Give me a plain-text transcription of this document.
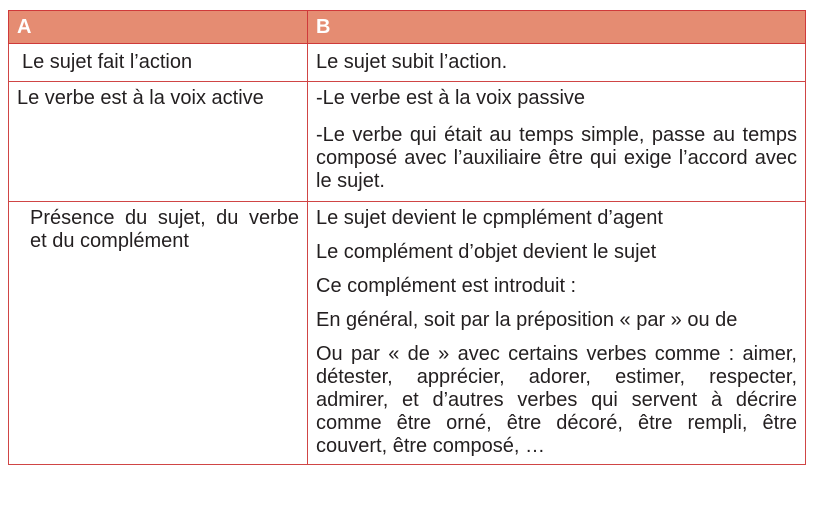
A	B

Le sujet fait l’action	Le sujet subit l’action.

Le verbe est à la voix active	-Le verbe est à la voix passive

-Le verbe qui était au temps simple, passe au temps composé avec l’auxiliaire être qui exige l’accord avec le sujet.

Présence du sujet, du verbe et du complément	Le sujet devient le cpmplément d’agent

Le complément d’objet devient le sujet

Ce complément est introduit :

En général, soit par la préposition « par » ou de

Ou par « de » avec certains verbes comme : aimer, détester, apprécier, adorer, estimer, respecter, admirer, et d’autres verbes qui servent à décrire comme être orné, être décoré, être rempli, être couvert, être composé, …
